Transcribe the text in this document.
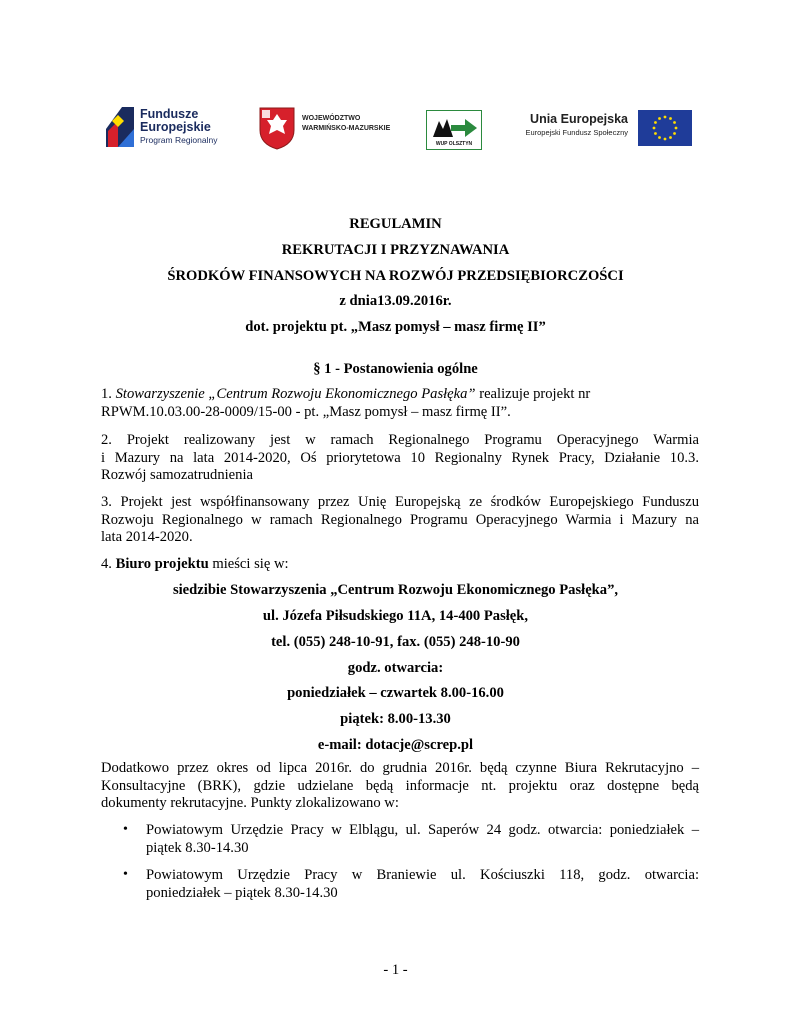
Fundusze
Europejskie
Program Regionalny
WOJEWÓDZTWO
WARMIŃSKO-MAZURSKIE
WUP OLSZTYN
Unia Europejska
Europejski Fundusz Społeczny
REGULAMIN
REKRUTACJI I PRZYZNAWANIA
ŚRODKÓW FINANSOWYCH NA ROZWÓJ PRZEDSIĘBIORCZOŚCI
z dnia13.09.2016r.
dot. projektu pt. „Masz pomysł – masz firmę II”
§ 1 - Postanowienia ogólne
1. Stowarzyszenie „Centrum Rozwoju Ekonomicznego Pasłęka” realizuje projekt nr
RPWM.10.03.00-28-0009/15-00 - pt. „Masz pomysł – masz firmę II”.
2. Projekt realizowany jest w ramach Regionalnego Programu Operacyjnego Warmia
i Mazury na lata 2014-2020, Oś priorytetowa 10 Regionalny Rynek Pracy, Działanie 10.3.
Rozwój samozatrudnienia
3. Projekt jest współfinansowany przez Unię Europejską ze środków Europejskiego Funduszu
Rozwoju Regionalnego w ramach Regionalnego Programu Operacyjnego Warmia i Mazury na
lata 2014-2020.
4. Biuro projektu mieści się w:
siedzibie Stowarzyszenia „Centrum Rozwoju Ekonomicznego Pasłęka”,
ul. Józefa Piłsudskiego 11A, 14-400 Pasłęk,
tel. (055) 248-10-91, fax. (055) 248-10-90
godz. otwarcia:
poniedziałek – czwartek 8.00-16.00
piątek: 8.00-13.30
e-mail: dotacje@screp.pl
Dodatkowo przez okres od lipca 2016r. do grudnia 2016r. będą czynne Biura Rekrutacyjno –
Konsultacyjne (BRK), gdzie udzielane będą informacje nt. projektu oraz dostępne będą
dokumenty rekrutacyjne. Punkty zlokalizowano w:
• Powiatowym Urzędzie Pracy w Elblągu, ul. Saperów 24 godz. otwarcia: poniedziałek –
piątek 8.30-14.30
• Powiatowym Urzędzie Pracy w Braniewie ul. Kościuszki 118, godz. otwarcia:
poniedziałek – piątek 8.30-14.30
- 1 -
